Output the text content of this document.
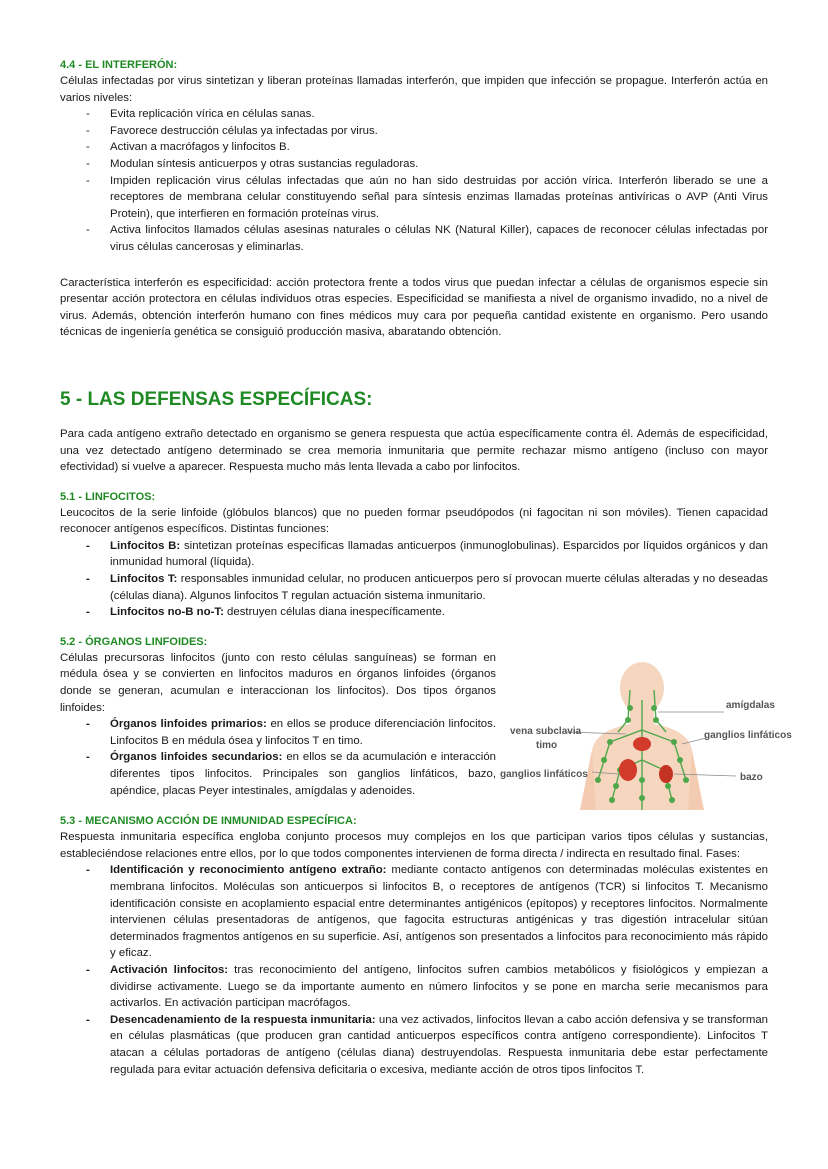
4.4 - EL INTERFERÓN:

Células infectadas por virus sintetizan y liberan proteínas llamadas interferón, que impiden que infección se propague. Interferón actúa en varios niveles:

- Evita replicación vírica en células sanas.
- Favorece destrucción células ya infectadas por virus.
- Activan a macrófagos y linfocitos B.
- Modulan síntesis anticuerpos y otras sustancias reguladoras.
- Impiden replicación virus células infectadas que aún no han sido destruidas por acción vírica. Interferón liberado se une a receptores de membrana celular constituyendo señal para síntesis enzimas llamadas proteínas antivíricas o AVP (Anti Virus Protein), que interfieren en formación proteínas virus.
- Activa linfocitos llamados células asesinas naturales o células NK (Natural Killer), capaces de reconocer células infectadas por virus células cancerosas y eliminarlas.

Característica interferón es especificidad: acción protectora frente a todos virus que puedan infectar a células de organismos especie sin presentar acción protectora en células individuos otras especies. Especificidad se manifiesta a nivel de organismo invadido, no a nivel de virus. Además, obtención interferón humano con fines médicos muy cara por pequeña cantidad existente en organismo. Pero usando técnicas de ingeniería genética se consiguió producción masiva, abaratando obtención.

5 - LAS DEFENSAS ESPECÍFICAS:

Para cada antígeno extraño detectado en organismo se genera respuesta que actúa específicamente contra él. Además de especificidad, una vez detectado antígeno determinado se crea memoria inmunitaria que permite rechazar mismo antígeno (incluso con mayor efectividad) si vuelve a aparecer. Respuesta mucho más lenta llevada a cabo por linfocitos.

5.1 - LINFOCITOS:

Leucocitos de la serie linfoide (glóbulos blancos) que no pueden formar pseudópodos (ni fagocitan ni son móviles). Tienen capacidad reconocer antígenos específicos. Distintas funciones:

- Linfocitos B: sintetizan proteínas específicas llamadas anticuerpos (inmunoglobulinas). Esparcidos por líquidos orgánicos y dan inmunidad humoral (líquida).
- Linfocitos T: responsables inmunidad celular, no producen anticuerpos pero sí provocan muerte células alteradas y no deseadas (células diana). Algunos linfocitos T regulan actuación sistema inmunitario.
- Linfocitos no-B no-T: destruyen células diana inespecíficamente.
5.2 - ÓRGANOS LINFOIDES:

Células precursoras linfocitos (junto con resto células sanguíneas) se forman en médula ósea y se convierten en linfocitos maduros en órganos linfoides (órganos donde se generan, acumulan e interaccionan los linfocitos). Dos tipos órganos linfoides:

- Órganos linfoides primarios: en ellos se produce diferenciación linfocitos. Linfocitos B en médula ósea y linfocitos T en timo.
- Órganos linfoides secundarios: en ellos se da acumulación e interacción diferentes tipos linfocitos. Principales son ganglios linfáticos, bazo, apéndice, placas Peyer intestinales, amígdalas y adenoides.
5.3 - MECANISMO ACCIÓN DE INMUNIDAD ESPECÍFICA:

Respuesta inmunitaria específica engloba conjunto procesos muy complejos en los que participan varios tipos células y sustancias, estableciéndose relaciones entre ellos, por lo que todos componentes intervienen de forma directa / indirecta en resultado final. Fases:

- Identificación y reconocimiento antígeno extraño: mediante contacto antígenos con determinadas moléculas existentes en membrana linfocitos. Moléculas son anticuerpos si linfocitos B, o receptores de antígenos (TCR) si linfocitos T. Mecanismo identificación consiste en acoplamiento espacial entre determinantes antigénicos (epítopos) y receptores linfocitos. Normalmente intervienen células presentadoras de antígenos, que fagocita estructuras antigénicas y tras digestión intracelular sitúan determinados fragmentos antígenos en su superficie. Así, antígenos son presentados a linfocitos para reconocimiento más rápido y eficaz.
- Activación linfocitos: tras reconocimiento del antígeno, linfocitos sufren cambios metabólicos y fisiológicos y empiezan a dividirse activamente. Luego se da importante aumento en número linfocitos y se pone en marcha serie mecanismos para activarlos. En activación participan macrófagos.
- Desencadenamiento de la respuesta inmunitaria: una vez activados, linfocitos llevan a cabo acción defensiva y se transforman en células plasmáticas (que producen gran cantidad anticuerpos específicos contra antígeno correspondiente). Linfocitos T atacan a células portadoras de antígeno (células diana) destruyendolas. Respuesta inmunitaria debe estar perfectamente regulada para evitar actuación defensiva deficitaria o excesiva, mediante acción de otros tipos linfocitos T.
amígdalas
vena subclavia
timo
ganglios linfáticos
ganglios linfáticos	bazo
